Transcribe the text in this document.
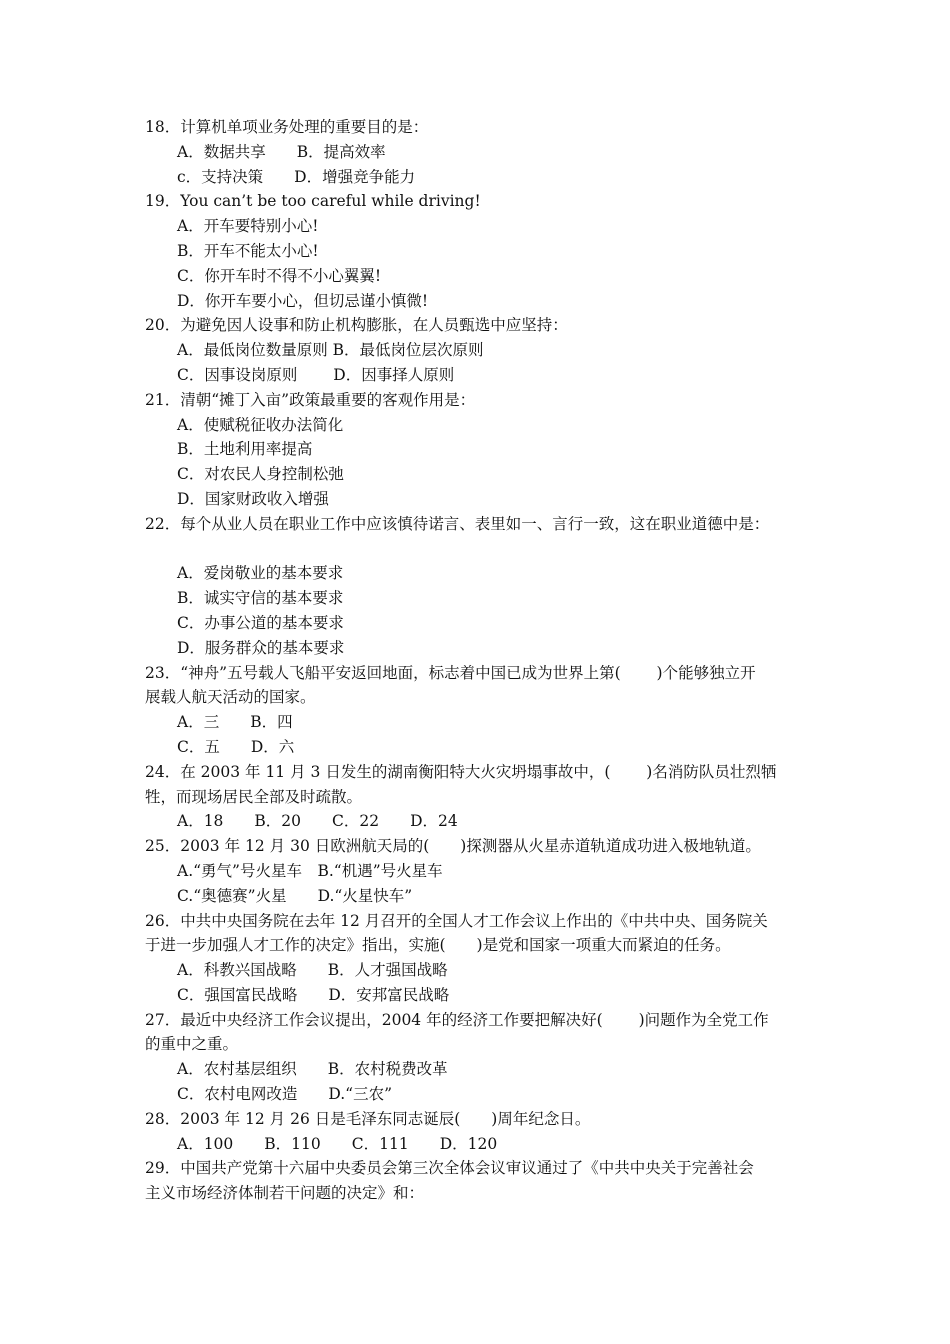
18．计算机单项业务处理的重要目的是：
A．数据共享　　B．提高效率
c．支持决策　　D．增强竞争能力
19．You can’t be too careful while driving!
A．开车要特别小心!
B．开车不能太小心!
C．你开车时不得不小心翼翼!
D．你开车要小心，但切忌谨小慎微!
20．为避免因人设事和防止机构膨胀，在人员甄选中应坚持：
A．最低岗位数量原则 B．最低岗位层次原则
C．因事设岗原则　　 D．因事择人原则
21．清朝“摊丁入亩”政策最重要的客观作用是：
A．使赋税征收办法简化
B．土地利用率提高
C．对农民人身控制松弛
D．国家财政收入增强
22．每个从业人员在职业工作中应该慎待诺言、表里如一、言行一致，这在职业道德中是：
A．爱岗敬业的基本要求
B．诚实守信的基本要求
C．办事公道的基本要求
D．服务群众的基本要求
23．“神舟”五号载人飞船平安返回地面，标志着中国已成为世界上第(　　 )个能够独立开
展载人航天活动的国家。
A．三　　B．四
C．五　　D．六
24．在 2003 年 11 月 3 日发生的湖南衡阳特大火灾坍塌事故中，(　　 )名消防队员壮烈牺
牲，而现场居民全部及时疏散。
A．18　　B．20　　C．22　　D．24
25．2003 年 12 月 30 日欧洲航天局的(　　)探测器从火星赤道轨道成功进入极地轨道。
A.“勇气”号火星车　B.“机遇”号火星车
C.“奥德赛”火星　　D.“火星快车”
26．中共中央国务院在去年 12 月召开的全国人才工作会议上作出的《中共中央、国务院关
于进一步加强人才工作的决定》指出，实施(　　)是党和国家一项重大而紧迫的任务。
A．科教兴国战略　　B．人才强国战略
C．强国富民战略　　D．安邦富民战略
27．最近中央经济工作会议提出，2004 年的经济工作要把解决好(　　 )问题作为全党工作
的重中之重。
A．农村基层组织　　B．农村税费改革
C．农村电网改造　　D.“三农”
28．2003 年 12 月 26 日是毛泽东同志诞辰(　　)周年纪念日。
A．100　　B．110　　C．111　　D．120
29．中国共产党第十六届中央委员会第三次全体会议审议通过了《中共中央关于完善社会
主义市场经济体制若干问题的决定》和：
